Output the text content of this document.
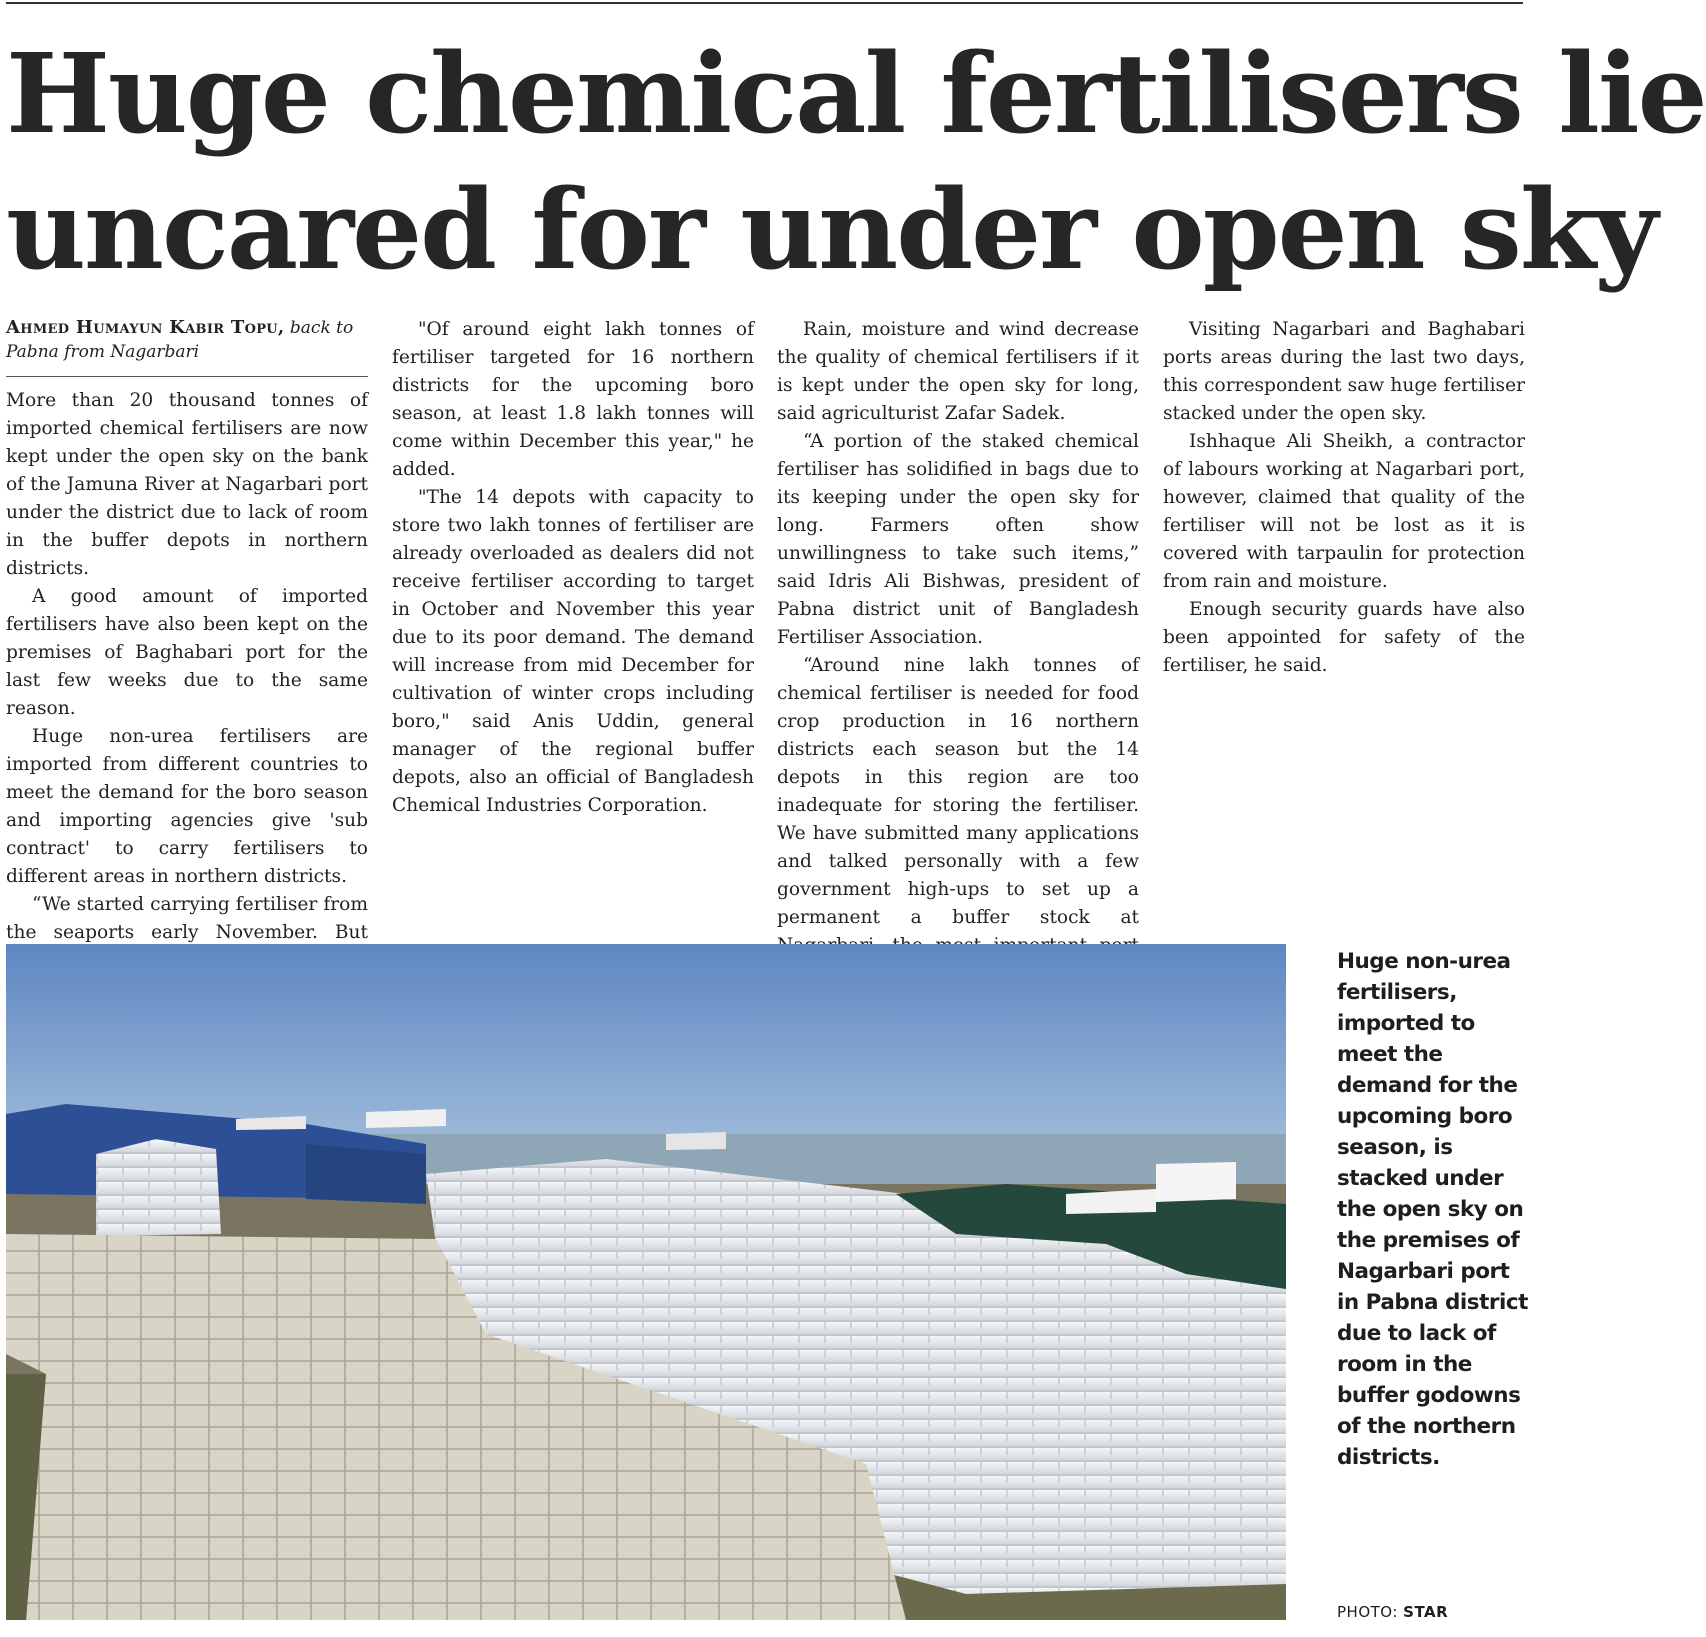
Huge chemical fertilisers lie
uncared for under open sky
Ahmed Humayun Kabir Topu, back to Pabna from Nagarbari

More than 20 thousand tonnes of imported chemical fertilisers are now kept under the open sky on the bank of the Jamuna River at Nagarbari port under the district due to lack of room in the buffer depots in northern districts.

A good amount of imported fertilisers have also been kept on the premises of Baghabari port for the last few weeks due to the same reason.

Huge non-urea fertilisers are imported from different countries to meet the demand for the boro season and importing agencies give 'sub contract' to carry fertilisers to different areas in northern districts.

“We started carrying fertiliser from the seaports early November. But

"Of around eight lakh tonnes of fertiliser targeted for 16 northern districts for the upcoming boro season, at least 1.8 lakh tonnes will come within December this year," he added.

"The 14 depots with capacity to store two lakh tonnes of fertiliser are already overloaded as dealers did not receive fertiliser according to target in October and November this year due to its poor demand. The demand will increase from mid December for cultivation of winter crops including boro," said Anis Uddin, general manager of the regional buffer depots, also an official of Bangladesh Chemical Industries Corporation.

Rain, moisture and wind decrease the quality of chemical fertilisers if it is kept under the open sky for long, said agriculturist Zafar Sadek.

“A portion of the staked chemical fertiliser has solidified in bags due to its keeping under the open sky for long. Farmers often show unwillingness to take such items,” said Idris Ali Bishwas, president of Pabna district unit of Bangladesh Fertiliser Association.

“Around nine lakh tonnes of chemical fertiliser is needed for food crop production in 16 northern districts each season but the 14 depots in this region are too inadequate for storing the fertiliser. We have submitted many applications and talked personally with a few government high-ups to set up a permanent a buffer stock at

Visiting Nagarbari and Baghabari ports areas during the last two days, this correspondent saw huge fertiliser stacked under the open sky.

Ishhaque Ali Sheikh, a contractor of labours working at Nagarbari port, however, claimed that quality of the fertiliser will not be lost as it is covered with tarpaulin for protection from rain and moisture.

Enough security guards have also been appointed for safety of the fertiliser, he said.

Huge non-urea fertilisers, imported to meet the demand for the upcoming boro season, is stacked under the open sky on the premises of Nagarbari port in Pabna district due to lack of room in the buffer godowns of the northern districts.

PHOTO: STAR
